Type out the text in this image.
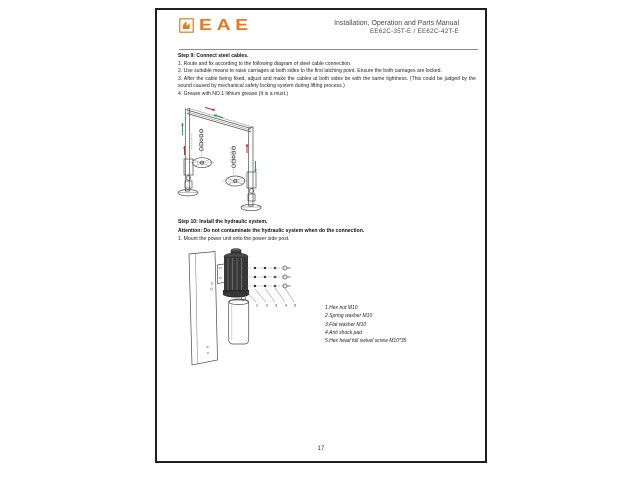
EAE	Installation, Operation and Parts Manual
EE62C-35T-E / EE62C-42T-E

Step 9: Connect steel cables.

1. Route and fix according to the following diagram of steel cable connection.

2. Use suitable means to raise carriages at both sides to the first latching point. Ensure the both carriages are locked.

3. After the cable being fixed, adjust and make the cables at both sides be with the same tightness. (This could be judged by the sound caused by mechanical safety locking system during lifting process.)

4. Grease with NO.1 lithium grease (It is a must.)

Step 10: Install the hydraulic system.

Attention: Do not contaminate the hydraulic system when do the connection.

1. Mount the power unit onto the power side post.

1 2 3 4 5	1.Hex nut M10

2.Spring washer M10

3.Flat washer M10

4.Anti shock pad

5.Hex head full swivel screw M10*35

17
